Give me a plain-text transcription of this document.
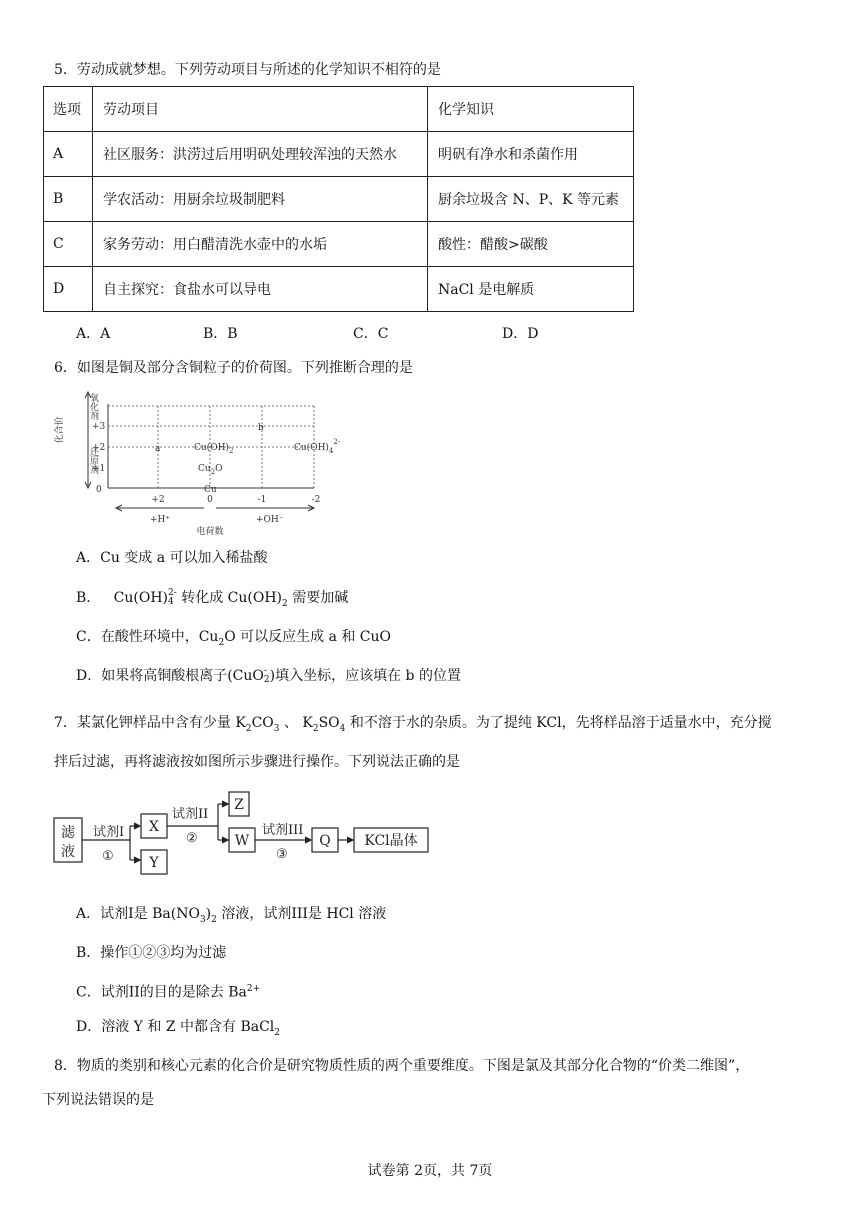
5．劳动成就梦想。下列劳动项目与所述的化学知识不相符的是
选项	劳动项目	化学知识
A	社区服务：洪涝过后用明矾处理较浑浊的天然水	明矾有净水和杀菌作用
B	学农活动：用厨余垃圾制肥料	厨余垃圾含 N、P、K 等元素
C	家务劳动：用白醋清洗水壶中的水垢	酸性：醋酸>碳酸
D	自主探究：食盐水可以导电	NaCl 是电解质
A．A	B．B	C．C	D．D
6．如图是铜及部分含铜粒子的价荷图。下列推断合理的是
化合价
氧化剂
还原剂
+3
+2
+1
0
+2	0	-1	-2
+H⁺	+OH⁻
电荷数
a
b
$Cu(OH)_2$	$Cu(OH)_4^{2-}$
$Cu_2O$
Cu
A．Cu 变成 a 可以加入稀盐酸
B． Cu(OH) 2-
4 转化成 $Cu(OH)_2$ 需要加碱
C．在酸性环境中，$Cu_2O$ 可以反应生成 a 和 CuO
D．如果将高铜酸根离子(CuO -
2 )填入坐标，应该填在 b 的位置
7．某氯化钾样品中含有少量 $K_2CO_3$ 、 $K_2SO_4$ 和不溶于水的杂质。为了提纯 KCl，先将样品溶于适量水中，充分搅
拌后过滤，再将滤液按如图所示步骤进行操作。下列说法正确的是
滤
液
试剂I
①
X
Y
试剂II
②
Z
W
试剂III
③
Q KCl晶体
A．试剂I是 $Ba(NO_3)_2$ 溶液，试剂III是 HCl 溶液
B．操作①②③均为过滤
C．试剂II的目的是除去 $Ba^{2+}$
D．溶液 Y 和 Z 中都含有 BaCl$_2$
8．物质的类别和核心元素的化合价是研究物质性质的两个重要维度。下图是氯及其部分化合物的“价类二维图”，
下列说法错误的是
试卷第 2页，共 7页
